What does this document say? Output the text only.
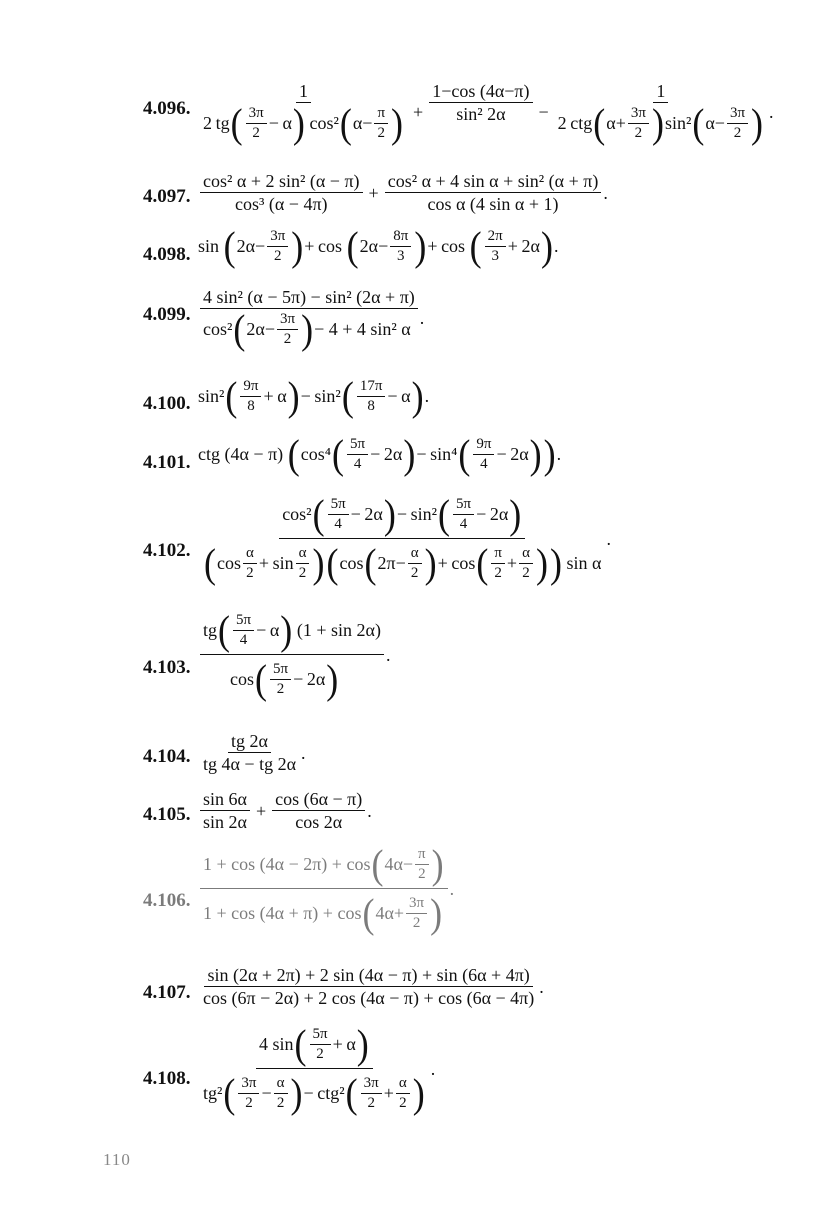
4.096. $\frac{1}{2 tg ( \frac{3\pi}{2} - \alpha ) \cos^2 ( \alpha- \frac{\pi}{2} )} + \frac{1-\cos (4\alpha-\pi)}{\text{sin² 2α}} - \frac{1}{2 ctg ( \alpha+ \frac{3\pi}{2} ) \sin^2 ( \alpha- \frac{3\pi}{2} )}$ .
4.097. $\frac{\text{cos² α + 2 sin² (α − π)}}{\text{cos³ (α − 4π)}} + \frac{\text{cos² α + 4 sin α + sin² (α + π)}}{\text{cos α (4 sin α + 1)}}$ .
4.098. sin  ( $2\alpha- \frac{3\pi}{2}$ ) + cos  ( $2\alpha- \frac{8\pi}{3}$ ) + cos  ( $\frac{2\pi}{3} + 2\alpha$ ) .
4.099. $\frac{\text{4 sin² (α − 5π) − sin² (2α + π)}}{\cos^2 ( 2\alpha- \frac{3\pi}{2} ) - 4 + 4 \sin^2 \alpha}$ .
4.100. sin² ( $\frac{9\pi}{8} + \alpha$ ) − sin² ( $\frac{17\pi}{8} - \alpha$ ) .
4.101. ctg (4α − π)  ( cos⁴ ( $\frac{5\pi}{4} - 2\alpha$ ) − sin⁴ ( $\frac{9\pi}{4} - 2\alpha$ ) ) .
4.102. $\frac{\cos^2 ( \frac{5\pi}{4} - 2\alpha ) - \sin^2 ( \frac{5\pi}{4} - 2\alpha )}{( \cos \frac{\alpha}{2} + \sin \frac{\alpha}{2} ) ( \cos ( 2\pi- \frac{\alpha}{2} ) + \cos ( \frac{\pi}{2} + \frac{\alpha}{2} ) ) \sin \alpha}$ .
4.103. $\frac{tg ( \frac{5\pi}{4} - \alpha ) (1 + \sin 2\alpha)}{\cos ( \frac{5\pi}{2} - 2\alpha )}$ .
4.104. $\frac{tg 2\alpha}{tg 4\alpha - tg 2\alpha}$ .
4.105. $\frac{\sin 6\alpha}{\sin 2\alpha} + \frac{\cos (6\alpha - \pi)}{\cos 2\alpha}$ .
4.106. $\frac{1 + \cos (4\alpha - 2\pi) + \cos ( 4\alpha- \frac{\pi}{2} )}{1 + \cos (4\alpha + \pi) + \cos ( 4\alpha+ \frac{3\pi}{2} )}$ .
4.107. $\frac{\sin (2\alpha + 2\pi) + 2 \sin (4\alpha - \pi) + \sin (6\alpha + 4\pi)}{\cos (6\pi - 2\alpha) + 2 \cos (4\alpha - \pi) + \cos (6\alpha - 4\pi)}$ .
4.108. $\frac{4 \sin ( \frac{5\pi}{2} + \alpha )}{tg^2 ( \frac{3\pi}{2} - \frac{\alpha}{2} ) - ctg^2 ( \frac{3\pi}{2} + \frac{\alpha}{2} )}$ .
110
